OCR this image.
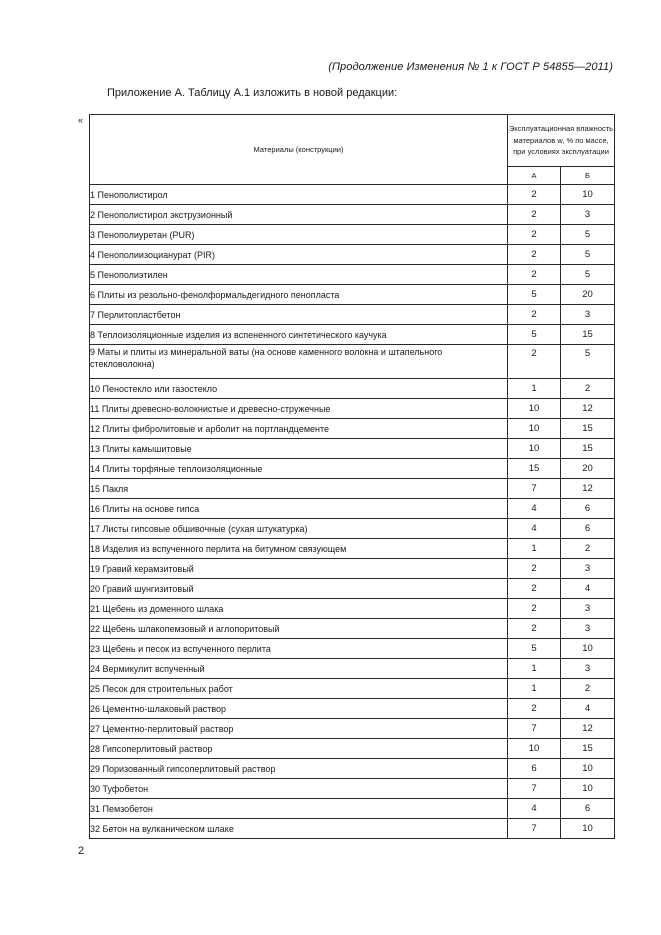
(Продолжение Изменения № 1 к ГОСТ Р 54855—2011)
Приложение А. Таблицу А.1 изложить в новой редакции:
«
Материалы (конструкции)	Эксплуатационная влажность материалов w, % по массе, при условиях эксплуатации	
	А	Б
1 Пенополистирол	2	10
2 Пенополистирол экструзионный	2	3
3 Пенополиуретан (PUR)	2	5
4 Пенополиизоцианурат (PIR)	2	5
5 Пенополиэтилен	2	5
6 Плиты из резольно-фенолформальдегидного пенопласта	5	20
7 Перлитопластбетон	2	3
8 Теплоизоляционные изделия из вспененного синтетического каучука	5	15
9 Маты и плиты из минеральной ваты (на основе каменного волокна и штапельного стекловолокна)	2	5
10 Пеностекло или газостекло	1	2
11 Плиты древесно-волокнистые и древесно-стружечные	10	12
12 Плиты фибролитовые и арболит на портландцементе	10	15
13 Плиты камышитовые	10	15
14 Плиты торфяные теплоизоляционные	15	20
15 Пакля	7	12
16 Плиты на основе гипса	4	6
17 Листы гипсовые обшивочные (сухая штукатурка)	4	6
18 Изделия из вспученного перлита на битумном связующем	1	2
19 Гравий керамзитовый	2	3
20 Гравий шунгизитовый	2	4
21 Щебень из доменного шлака	2	3
22 Щебень шлакопемзовый и аглопоритовый	2	3
23 Щебень и песок из вспученного перлита	5	10
24 Вермикулит вспученный	1	3
25 Песок для строительных работ	1	2
26 Цементно-шлаковый раствор	2	4
27 Цементно-перлитовый раствор	7	12
28 Гипсоперлитовый раствор	10	15
29 Поризованный гипсоперлитовый раствор	6	10
30 Туфобетон	7	10
31 Пемзобетон	4	6
32 Бетон на вулканическом шлаке	7	10
2
